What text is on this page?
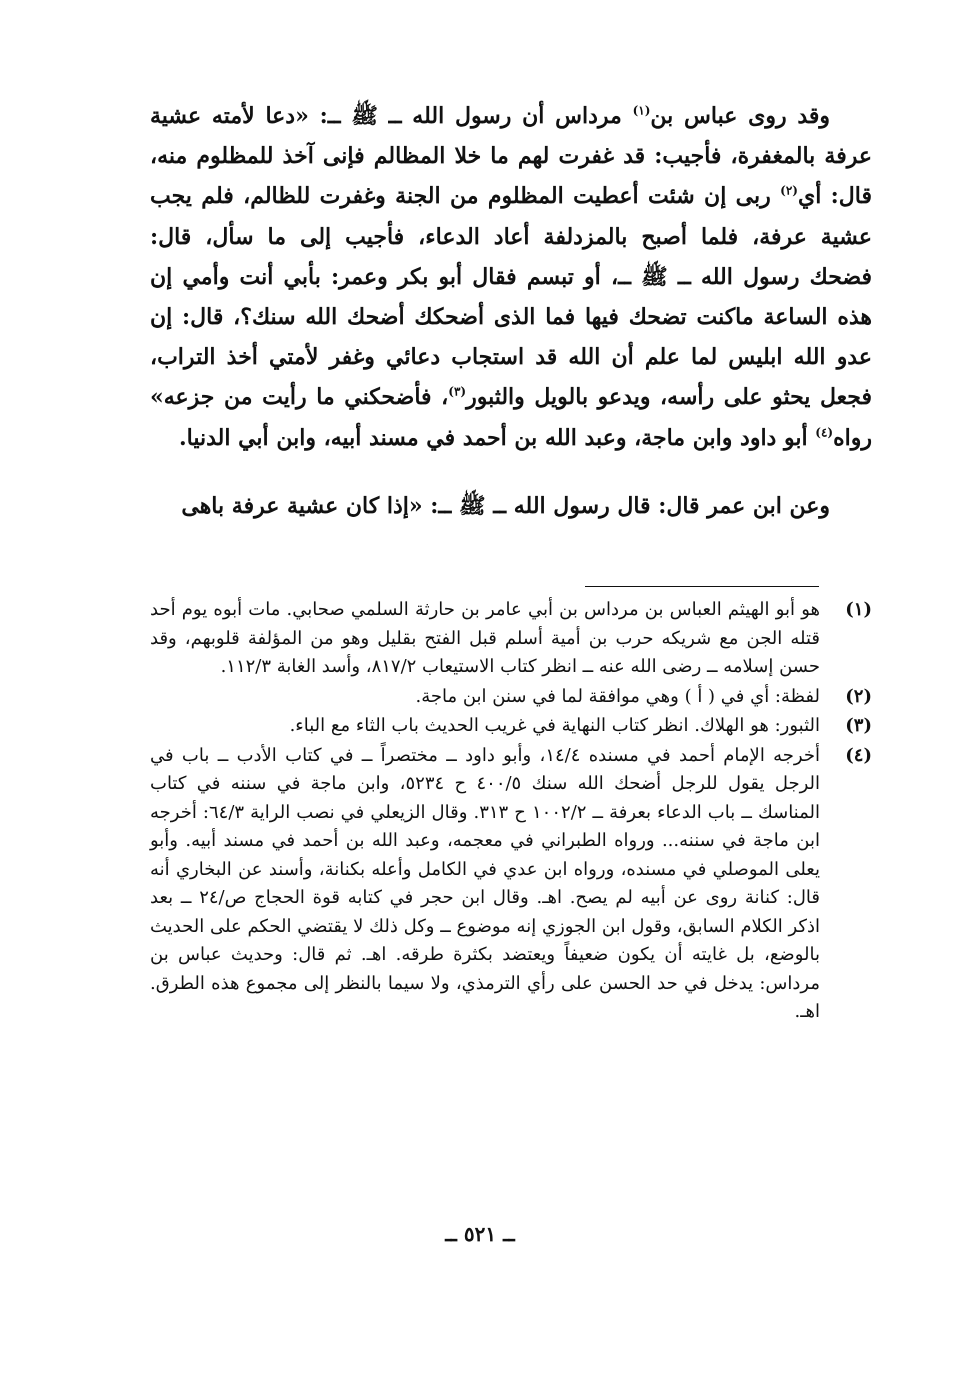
وقد روى عباس بن$^{(١)}$ مرداس أن رسول الله ــ ﷺ ــ: «دعا لأمته عشية عرفة بالمغفرة، فأجيب: قد غفرت لهم ما خلا المظالم فإنى آخذ للمظلوم منه، قال: أي$^{(٢)}$ ربى إن شئت أعطيت المظلوم من الجنة وغفرت للظالم، فلم يجب عشية عرفة، فلما أصبح بالمزدلفة أعاد الدعاء، فأجيب إلى ما سأل، قال: فضحك رسول الله ــ ﷺ ــ، أو تبسم فقال أبو بكر وعمر: بأبي أنت وأمي إن هذه الساعة ماكنت تضحك فيها فما الذى أضحكك أضحك الله سنك؟، قال: إن عدو الله ابليس لما علم أن الله قد استجاب دعائي وغفر لأمتي أخذ التراب، فجعل يحثو على رأسه، ويدعو بالويل والثبور$^{(٣)}$، فأضحكني ما رأيت من جزعه» رواه$^{(٤)}$ أبو داود وابن ماجة، وعبد الله بن أحمد في مسند أبيه، وابن أبي الدنيا.

وعن ابن عمر قال: قال رسول الله ــ ﷺ ــ: «إذا كان عشية عرفة باهى

(١)
هو أبو الهيثم العباس بن مرداس بن أبي عامر بن حارثة السلمي صحابي. مات أبوه يوم أحد قتله الجن مع شريكه حرب بن أمية أسلم قبل الفتح بقليل وهو من المؤلفة قلوبهم، وقد حسن إسلامه ــ رضى الله عنه ــ انظر كتاب الاستيعاب ٨١٧/٢، وأسد الغابة ١١٢/٣.
(٢)
لفظة: أي في ( أ ) وهي موافقة لما في سنن ابن ماجة.
(٣)
الثبور: هو الهلاك. انظر كتاب النهاية في غريب الحديث باب الثاء مع الباء.
(٤)
أخرجه الإمام أحمد في مسنده ١٤/٤، وأبو داود ــ مختصراً ــ في كتاب الأدب ــ باب في الرجل يقول للرجل أضحك الله سنك ٤٠٠/٥ ح ٥٢٣٤، وابن ماجة في سننه في كتاب المناسك ــ باب الدعاء بعرفة ــ ١٠٠٢/٢ ح ٣١٣. وقال الزيعلي في نصب الراية ٦٤/٣: أخرجه ابن ماجة في سننه... ورواه الطبراني في معجمه، وعبد الله بن أحمد في مسند أبيه. وأبو يعلى الموصلي في مسنده، ورواه ابن عدي في الكامل وأعله بكنانة، وأسند عن البخاري أنه قال: كنانة روى عن أبيه لم يصح. اهـ. وقال ابن حجر في كتابه قوة الحجاج ص/٢٤ ــ بعد اذكر الكلام السابق، وقول ابن الجوزي إنه موضوع ــ وكل ذلك لا يقتضي الحكم على الحديث بالوضع، بل غايته أن يكون ضعيفاً ويعتضد بكثرة طرقه. اهـ. ثم قال: وحديث عباس بن مرداس: يدخل في حد الحسن على رأي الترمذي، ولا سيما بالنظر إلى مجموع هذه الطرق. اهـ.
ــ ٥٢١ ــ
